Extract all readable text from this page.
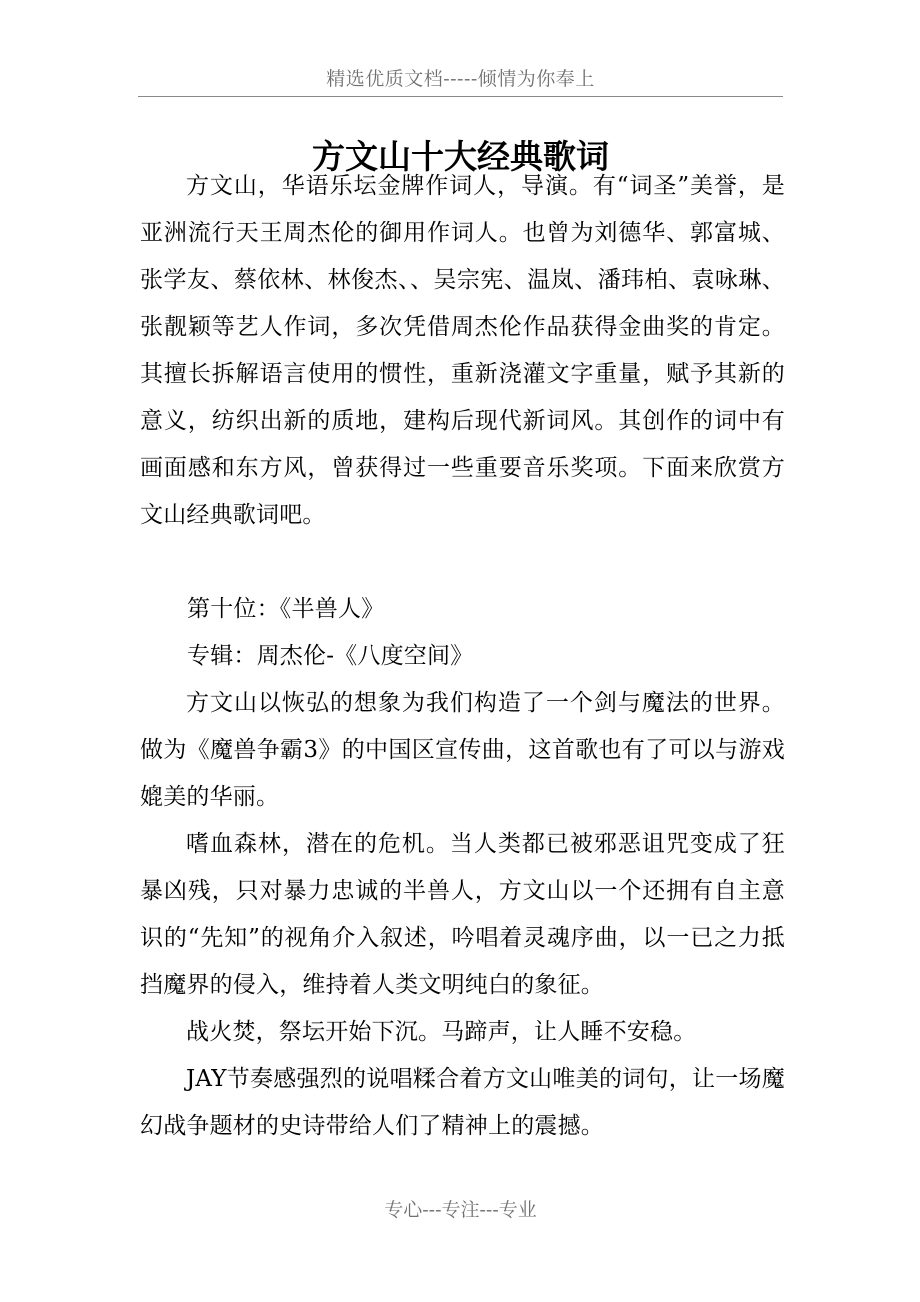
精选优质文档-----倾情为你奉上
方文山十大经典歌词

方文山，华语乐坛金牌作词人，导演。有“词圣”美誉，是亚洲流行天王周杰伦的御用作词人。也曾为刘德华、郭富城、张学友、蔡依林、林俊杰、、吴宗宪、温岚、潘玮柏、袁咏琳、张靓颖等艺人作词，多次凭借周杰伦作品获得金曲奖的肯定。其擅长拆解语言使用的惯性，重新浇灌文字重量，赋予其新的意义，纺织出新的质地，建构后现代新词风。其创作的词中有画面感和东方风，曾获得过一些重要音乐奖项。下面来欣赏方文山经典歌词吧。

第十位：《半兽人》

专辑：周杰伦-《八度空间》

方文山以恢弘的想象为我们构造了一个剑与魔法的世界。做为《魔兽争霸3》的中国区宣传曲，这首歌也有了可以与游戏媲美的华丽。

嗜血森林，潜在的危机。当人类都已被邪恶诅咒变成了狂暴凶残，只对暴力忠诚的半兽人，方文山以一个还拥有自主意识的“先知”的视角介入叙述，吟唱着灵魂序曲，以一已之力抵挡魔界的侵入，维持着人类文明纯白的象征。

战火焚，祭坛开始下沉。马蹄声，让人睡不安稳。

JAY节奏感强烈的说唱糅合着方文山唯美的词句，让一场魔幻战争题材的史诗带给人们了精神上的震撼。

专心---专注---专业
